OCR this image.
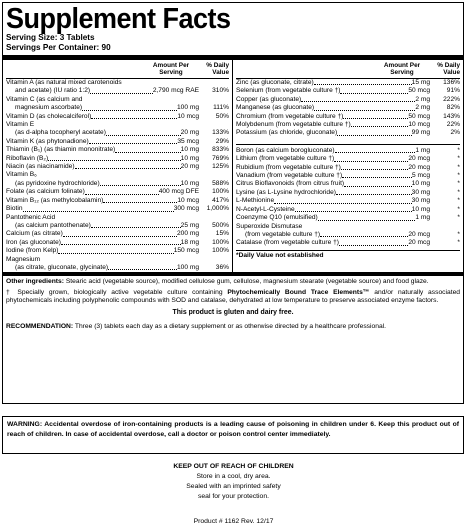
Supplement Facts
Serving Size: 3 Tablets
Servings Per Container: 90
Amount Per
Serving
% Daily
Value
Vitamin A (as natural mixed carotenoids
and acetate) (IU ratio 1:2)	2,790 mcg RAE	310%
Vitamin C (as calcium and
magnesium ascorbate)	100 mg	111%
Vitamin D (as cholecalciferol)	10 mcg	50%
Vitamin E
(as d-alpha tocopheryl acetate)	20 mg	133%
Vitamin K (as phytonadione)	35 mcg	29%
Thiamin (B₁) (as thiamin mononitrate)	10 mg	833%
Riboflavin (B₂)	10 mg	769%
Niacin (as niacinamide)	20 mg	125%
Vitamin B₆
(as pyridoxine hydrochloride)	10 mg	588%
Folate (as calcium folinate)	400 mcg DFE	100%
Vitamin B₁₂ (as methylcobalamin)	10 mcg	417%
Biotin	300 mcg	1,000%
Pantothenic Acid
(as calcium pantothenate)	25 mg	500%
Calcium (as citrate)	200 mg	15%
Iron (as gluconate)	18 mg	100%
Iodine (from Kelp)	150 mcg	100%
Magnesium
(as citrate, gluconate, glycinate)	100 mg	36%
Amount Per
Serving
% Daily
Value
Zinc (as gluconate, citrate)	15 mg	136%
Selenium (from vegetable culture †)	50 mcg	91%
Copper (as gluconate)	2 mg	222%
Manganese (as gluconate)	2 mg	82%
Chromium (from vegetable culture †)	50 mcg	143%
Molybdenum (from vegetable culture †)	10 mcg	22%
Potassium (as chloride, gluconate)	99 mg	2%
Boron (as calcium borogluconate)	1 mg	*
Lithium (from vegetable culture †)	20 mcg	*
Rubidium (from vegetable culture †)	20 mcg	*
Vanadium (from vegetable culture †)	5 mcg	*
Citrus Bioflavonoids (from citrus fruit)	10 mg	*
Lysine (as L-Lysine hydrochloride)	30 mg	*
L-Methionine	30 mg	*
N-Acetyl-L-Cysteine	10 mg	*
Coenzyme Q10 (emulsified)	1 mg	*
Superoxide Dismutase
(from vegetable culture †)	20 mcg	*
Catalase (from vegetable culture †)	20 mcg	*
*Daily Value not established
Other ingredients: Stearic acid (vegetable source), modified cellulose gum, cellulose, magnesium stearate (vegetable source) and food glaze.
† Specially grown, biologically active vegetable culture containing Phytochemically Bound Trace Elements™ and/or naturally associated phytochemicals including polyphenolic compounds with SOD and catalase, dehydrated at low temperature to preserve associated enzyme factors.
This product is gluten and dairy free.
RECOMMENDATION: Three (3) tablets each day as a dietary supplement or as otherwise directed by a healthcare professional.
WARNING: Accidental overdose of iron-containing products is a leading cause of poisoning in children under 6. Keep this product out of reach of children. In case of accidental overdose, call a doctor or poison control center immediately.
KEEP OUT OF REACH OF CHILDREN
Store in a cool, dry area.
Sealed with an imprinted safety
seal for your protection.
Product # 1162 Rev. 12/17
